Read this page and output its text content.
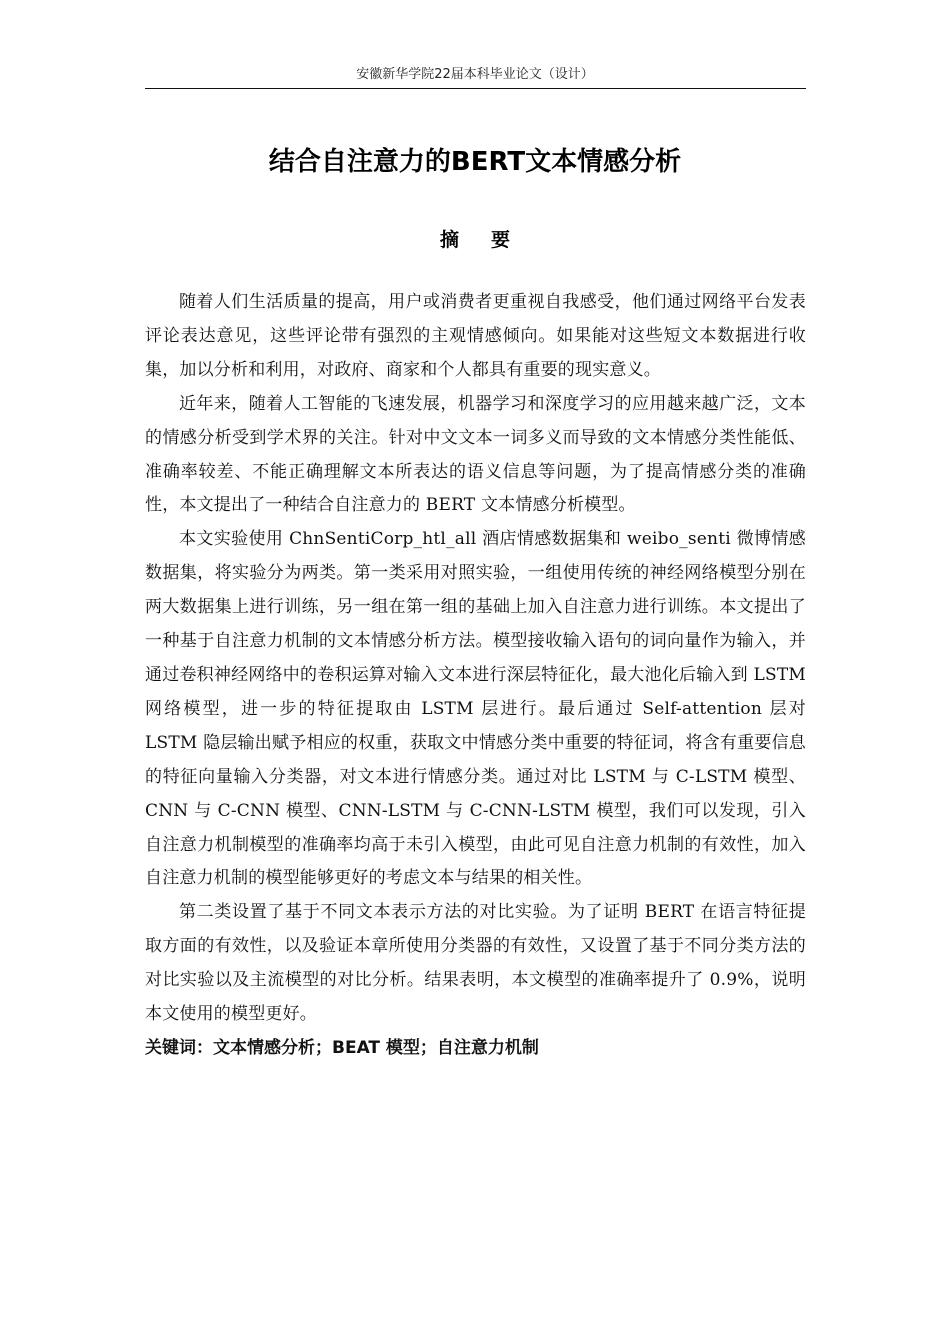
安徽新华学院22届本科毕业论文（设计）
结合自注意力的BERT文本情感分析
摘要

随着人们生活质量的提高，用户或消费者更重视自我感受，他们通过网络平台发表评论表达意见，这些评论带有强烈的主观情感倾向。如果能对这些短文本数据进行收集，加以分析和利用，对政府、商家和个人都具有重要的现实意义。

近年来，随着人工智能的飞速发展，机器学习和深度学习的应用越来越广泛，文本的情感分析受到学术界的关注。针对中文文本一词多义而导致的文本情感分类性能低、准确率较差、不能正确理解文本所表达的语义信息等问题，为了提高情感分类的准确性，本文提出了一种结合自注意力的 BERT 文本情感分析模型。

本文实验使用 ChnSentiCorp_htl_all 酒店情感数据集和 weibo_senti 微博情感数据集，将实验分为两类。第一类采用对照实验，一组使用传统的神经网络模型分别在两大数据集上进行训练，另一组在第一组的基础上加入自注意力进行训练。本文提出了一种基于自注意力机制的文本情感分析方法。模型接收输入语句的词向量作为输入，并通过卷积神经网络中的卷积运算对输入文本进行深层特征化，最大池化后输入到 LSTM 网络模型，进一步的特征提取由 LSTM 层进行。最后通过 Self-attention 层对 LSTM 隐层输出赋予相应的权重，获取文中情感分类中重要的特征词，将含有重要信息的特征向量输入分类器，对文本进行情感分类。通过对比 LSTM 与 C-LSTM 模型、CNN 与 C-CNN 模型、CNN-LSTM 与 C-CNN-LSTM 模型，我们可以发现，引入自注意力机制模型的准确率均高于未引入模型，由此可见自注意力机制的有效性，加入自注意力机制的模型能够更好的考虑文本与结果的相关性。

第二类设置了基于不同文本表示方法的对比实验。为了证明 BERT 在语言特征提取方面的有效性，以及验证本章所使用分类器的有效性，又设置了基于不同分类方法的对比实验以及主流模型的对比分析。结果表明，本文模型的准确率提升了 0.9%，说明本文使用的模型更好。

关键词：文本情感分析；BEAT 模型；自注意力机制
